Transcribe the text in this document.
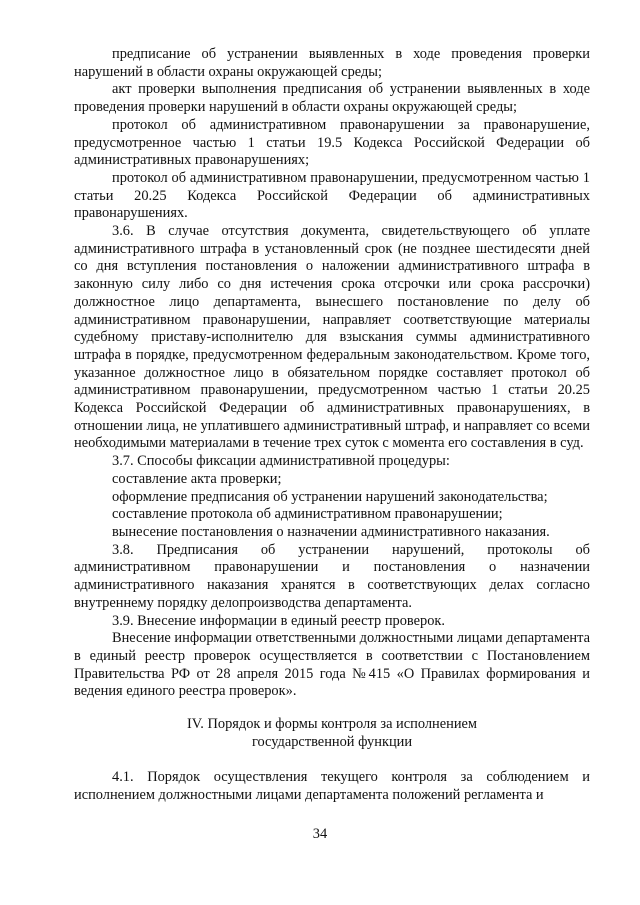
предписание об устранении выявленных в ходе проведения проверки нарушений в области охраны окружающей среды;

акт проверки выполнения предписания об устранении выявленных в ходе проведения проверки нарушений в области охраны окружающей среды;

протокол об административном правонарушении за правонарушение, предусмотренное частью 1 статьи 19.5 Кодекса Российской Федерации об административных правонарушениях;

протокол об административном правонарушении, предусмотренном частью 1 статьи 20.25 Кодекса Российской Федерации об административных правонарушениях.

3.6. В случае отсутствия документа, свидетельствующего об уплате административного штрафа в установленный срок (не позднее шестидесяти дней со дня вступления постановления о наложении административного штрафа в законную силу либо со дня истечения срока отсрочки или срока рассрочки) должностное лицо департамента, вынесшего постановление по делу об административном правонарушении, направляет соответствующие материалы судебному приставу-исполнителю для взыскания суммы административного штрафа в порядке, предусмотренном федеральным законодательством. Кроме того, указанное должностное лицо в обязательном порядке составляет протокол об административном правонарушении, предусмотренном частью 1 статьи 20.25 Кодекса Российской Федерации об административных правонарушениях, в отношении лица, не уплатившего административный штраф, и направляет со всеми необходимыми материалами в течение трех суток с момента его составления в суд.

3.7. Способы фиксации административной процедуры:

составление акта проверки;

оформление предписания об устранении нарушений законодательства;

составление протокола об административном правонарушении;

вынесение постановления о назначении административного наказания.

3.8. Предписания об устранении нарушений, протоколы об административном правонарушении и постановления о назначении административного наказания хранятся в соответствующих делах согласно внутреннему порядку делопроизводства департамента.

3.9. Внесение информации в единый реестр проверок.

Внесение информации ответственными должностными лицами департамента в единый реестр проверок осуществляется в соответствии с Постановлением Правительства РФ от 28 апреля 2015 года №415 «О Правилах формирования и ведения единого реестра проверок».

IV. Порядок и формы контроля за исполнением государственной функции

4.1. Порядок осуществления текущего контроля за соблюдением и исполнением должностными лицами департамента положений регламента и

34
